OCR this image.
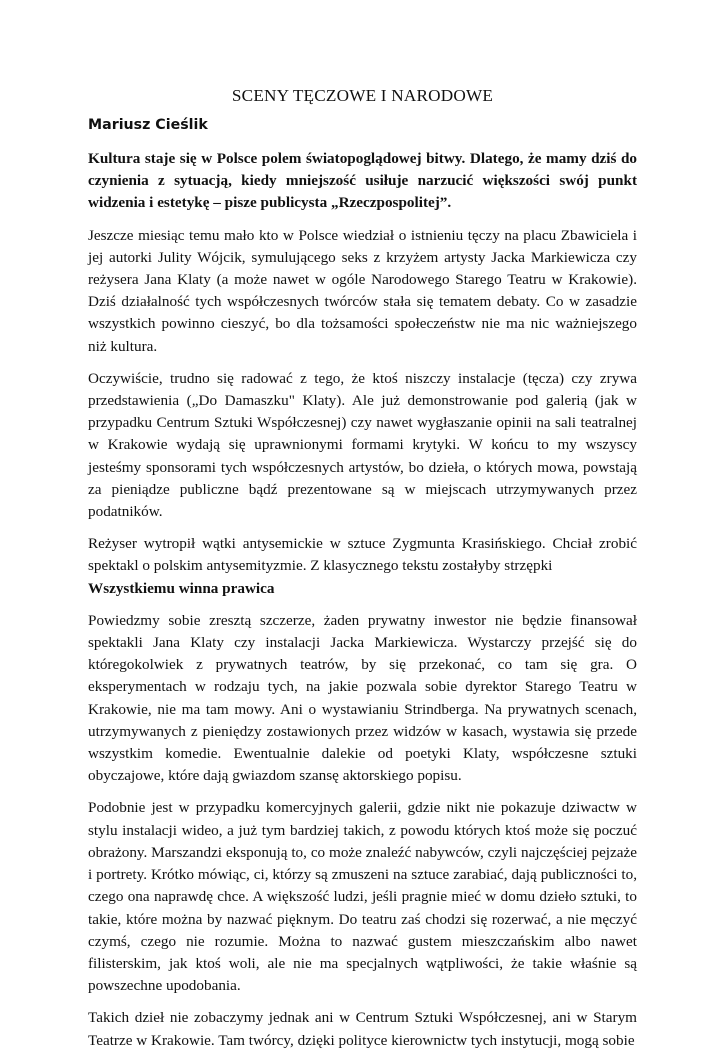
SCENY TĘCZOWE I NARODOWE
Mariusz Cieślik

Kultura staje się w Polsce polem światopoglądowej bitwy. Dlatego, że mamy dziś do czynienia z sytuacją, kiedy mniejszość usiłuje narzucić większości swój punkt widzenia i estetykę – pisze publicysta „Rzeczpospolitej”.

Jeszcze miesiąc temu mało kto w Polsce wiedział o istnieniu tęczy na placu Zbawiciela i jej autorki Julity Wójcik, symulującego seks z krzyżem artysty Jacka Markiewicza czy reżysera Jana Klaty (a może nawet w ogóle Narodowego Starego Teatru w Krakowie). Dziś działalność tych współczesnych twórców stała się tematem debaty. Co w zasadzie wszystkich powinno cieszyć, bo dla tożsamości społeczeństw nie ma nic ważniejszego niż kultura.

Oczywiście, trudno się radować z tego, że ktoś niszczy instalacje (tęcza) czy zrywa przedstawienia („Do Damaszku" Klaty). Ale już demonstrowanie pod galerią (jak w przypadku Centrum Sztuki Współczesnej) czy nawet wygłaszanie opinii na sali teatralnej w Krakowie wydają się uprawnionymi formami krytyki. W końcu to my wszyscy jesteśmy sponsorami tych współczesnych artystów, bo dzieła, o których mowa, powstają za pieniądze publiczne bądź prezentowane są w miejscach utrzymywanych przez podatników.

Reżyser wytropił wątki antysemickie w sztuce Zygmunta Krasińskiego. Chciał zrobić spektakl o polskim antysemityzmie. Z klasycznego tekstu zostałyby strzępki

Wszystkiemu winna prawica

Powiedzmy sobie zresztą szczerze, żaden prywatny inwestor nie będzie finansował spektakli Jana Klaty czy instalacji Jacka Markiewicza. Wystarczy przejść się do któregokolwiek z prywatnych teatrów, by się przekonać, co tam się gra. O eksperymentach w rodzaju tych, na jakie pozwala sobie dyrektor Starego Teatru w Krakowie, nie ma tam mowy. Ani o wystawianiu Strindberga. Na prywatnych scenach, utrzymywanych z pieniędzy zostawionych przez widzów w kasach, wystawia się przede wszystkim komedie. Ewentualnie dalekie od poetyki Klaty, współczesne sztuki obyczajowe, które dają gwiazdom szansę aktorskiego popisu.

Podobnie jest w przypadku komercyjnych galerii, gdzie nikt nie pokazuje dziwactw w stylu instalacji wideo, a już tym bardziej takich, z powodu których ktoś może się poczuć obrażony. Marszandzi eksponują to, co może znaleźć nabywców, czyli najczęściej pejzaże i portrety. Krótko mówiąc, ci, którzy są zmuszeni na sztuce zarabiać, dają publiczności to, czego ona naprawdę chce. A większość ludzi, jeśli pragnie mieć w domu dzieło sztuki, to takie, które można by nazwać pięknym. Do teatru zaś chodzi się rozerwać, a nie męczyć czymś, czego nie rozumie. Można to nazwać gustem mieszczańskim albo nawet filisterskim, jak ktoś woli, ale nie ma specjalnych wątpliwości, że takie właśnie są powszechne upodobania.

Takich dzieł nie zobaczymy jednak ani w Centrum Sztuki Współczesnej, ani w Starym Teatrze w Krakowie. Tam twórcy, dzięki polityce kierownictw tych instytucji, mogą sobie
